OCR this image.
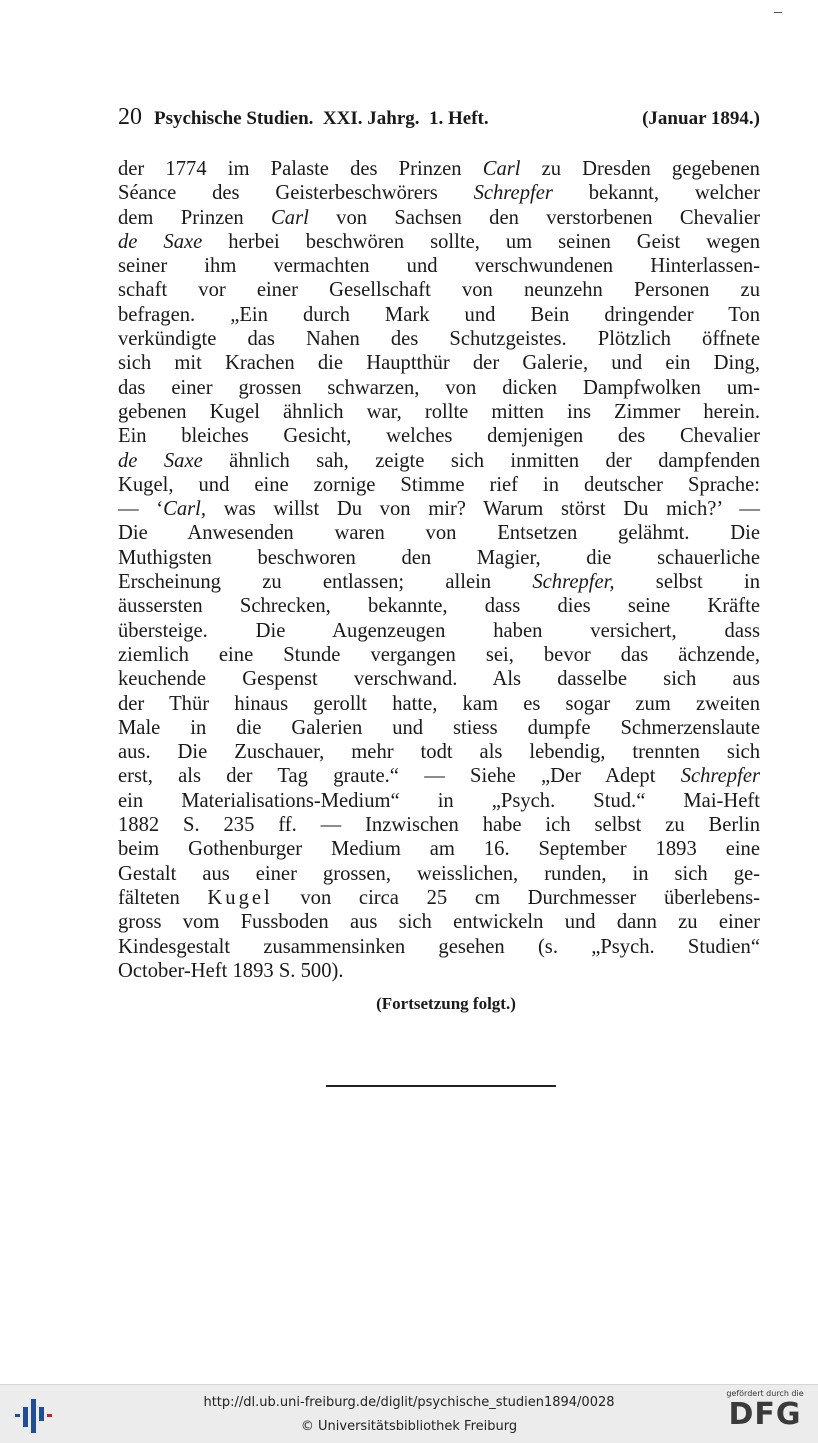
20 Psychische Studien.  XXI. Jahrg.  1. Heft.	(Januar 1894.)
der 1774 im Palaste des Prinzen Carl zu Dresden gegebenen
Séance des Geisterbeschwörers Schrepfer bekannt, welcher
dem Prinzen Carl von Sachsen den verstorbenen Chevalier
de Saxe herbei beschwören sollte, um seinen Geist wegen
seiner ihm vermachten und verschwundenen Hinterlassen-
schaft vor einer Gesellschaft von neunzehn Personen zu
befragen. „Ein durch Mark und Bein dringender Ton
verkündigte das Nahen des Schutzgeistes. Plötzlich öffnete
sich mit Krachen die Hauptthür der Galerie, und ein Ding,
das einer grossen schwarzen, von dicken Dampfwolken um-
gebenen Kugel ähnlich war, rollte mitten ins Zimmer herein.
Ein bleiches Gesicht, welches demjenigen des Chevalier
de Saxe ähnlich sah, zeigte sich inmitten der dampfenden
Kugel, und eine zornige Stimme rief in deutscher Sprache:
— ‘Carl, was willst Du von mir? Warum störst Du mich?’ —
Die Anwesenden waren von Entsetzen gelähmt. Die
Muthigsten beschworen den Magier, die schauerliche
Erscheinung zu entlassen; allein Schrepfer, selbst in
äussersten Schrecken, bekannte, dass dies seine Kräfte
übersteige. Die Augenzeugen haben versichert, dass
ziemlich eine Stunde vergangen sei, bevor das ächzende,
keuchende Gespenst verschwand. Als dasselbe sich aus
der Thür hinaus gerollt hatte, kam es sogar zum zweiten
Male in die Galerien und stiess dumpfe Schmerzenslaute
aus. Die Zuschauer, mehr todt als lebendig, trennten sich
erst, als der Tag graute.“ — Siehe „Der Adept Schrepfer
ein Materialisations-Medium“ in „Psych. Stud.“ Mai-Heft
1882 S. 235 ff. — Inzwischen habe ich selbst zu Berlin
beim Gothenburger Medium am 16. September 1893 eine
Gestalt aus einer grossen, weisslichen, runden, in sich ge-
fälteten Kugel von circa 25 cm Durchmesser überlebens-
gross vom Fussboden aus sich entwickeln und dann zu einer
Kindesgestalt zusammensinken gesehen (s. „Psych. Studien“
October-Heft 1893 S. 500).
(Fortsetzung folgt.)
http://dl.ub.uni-freiburg.de/diglit/psychische_studien1894/0028
© Universitätsbibliothek Freiburg
gefördert durch die
DFG
